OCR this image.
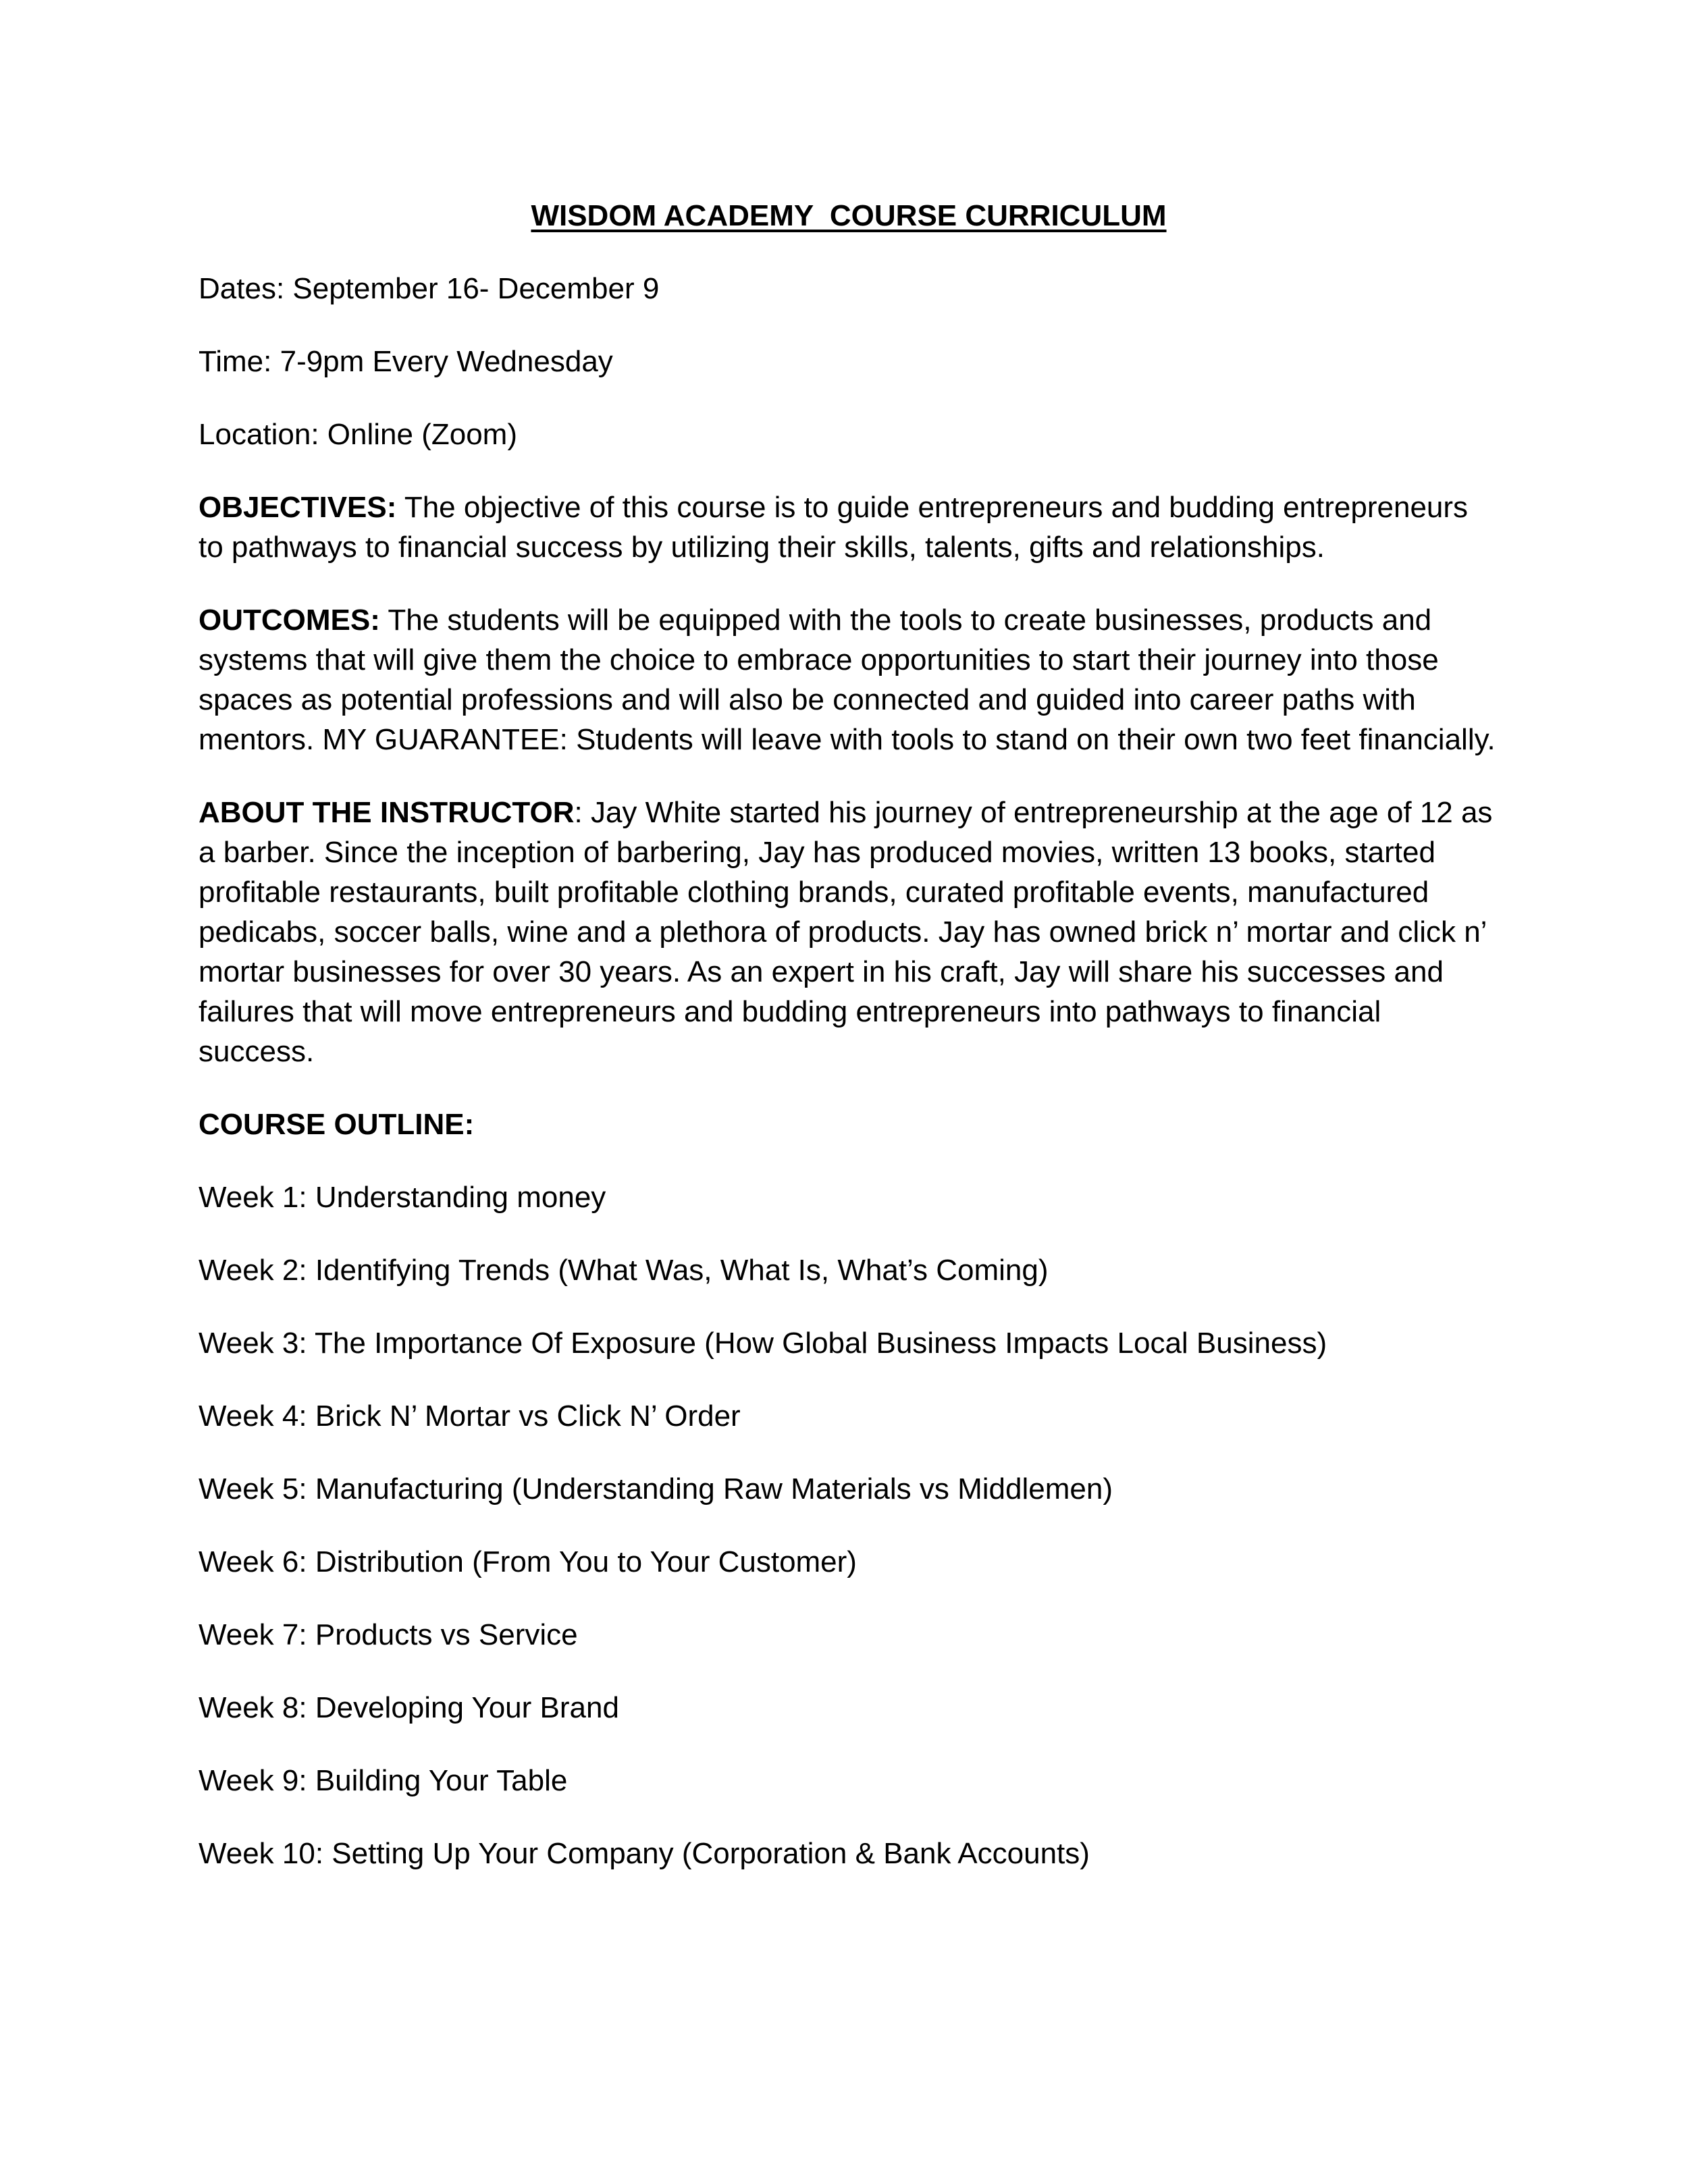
WISDOM ACADEMY  COURSE CURRICULUM
Dates: September 16- December 9
Time: 7-9pm Every Wednesday
Location: Online (Zoom)
OBJECTIVES: The objective of this course is to guide entrepreneurs and budding entrepreneurs to pathways to financial success by utilizing their skills, talents, gifts and relationships.
OUTCOMES: The students will be equipped with the tools to create businesses, products and systems that will give them the choice to embrace opportunities to start their journey into those spaces as potential professions and will also be connected and guided into career paths with mentors. MY GUARANTEE: Students will leave with tools to stand on their own two feet financially.
ABOUT THE INSTRUCTOR: Jay White started his journey of entrepreneurship at the age of 12 as a barber. Since the inception of barbering, Jay has produced movies, written 13 books, started profitable restaurants, built profitable clothing brands, curated profitable events, manufactured pedicabs, soccer balls, wine and a plethora of products. Jay has owned brick n’ mortar and click n’ mortar businesses for over 30 years. As an expert in his craft, Jay will share his successes and failures that will move entrepreneurs and budding entrepreneurs into pathways to financial success.
COURSE OUTLINE:
Week 1: Understanding money
Week 2: Identifying Trends (What Was, What Is, What’s Coming)
Week 3: The Importance Of Exposure (How Global Business Impacts Local Business)
Week 4: Brick N’ Mortar vs Click N’ Order
Week 5: Manufacturing (Understanding Raw Materials vs Middlemen)
Week 6: Distribution (From You to Your Customer)
Week 7: Products vs Service
Week 8: Developing Your Brand
Week 9: Building Your Table
Week 10: Setting Up Your Company (Corporation & Bank Accounts)
